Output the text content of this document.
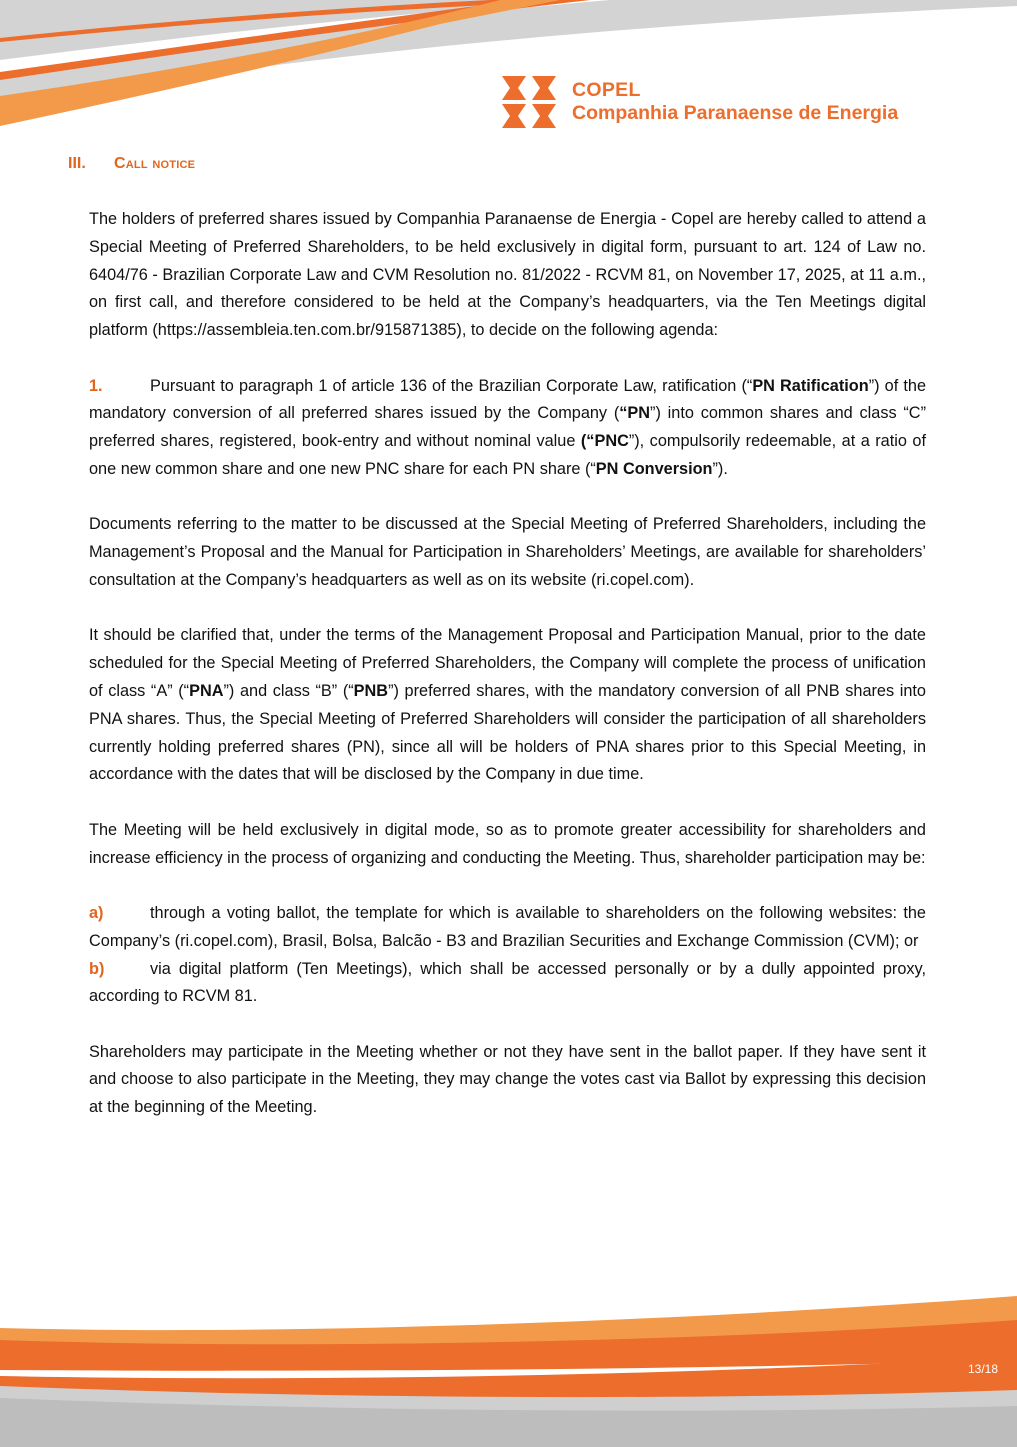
COPEL
Companhia Paranaense de Energia
III. Call notice

The holders of preferred shares issued by Companhia Paranaense de Energia - Copel are hereby called to attend a Special Meeting of Preferred Shareholders, to be held exclusively in digital form, pursuant to art. 124 of Law no. 6404/76 - Brazilian Corporate Law and CVM Resolution no. 81/2022 - RCVM 81, on November 17, 2025, at 11 a.m., on first call, and therefore considered to be held at the Company’s headquarters, via the Ten Meetings digital platform (https://assembleia.ten.com.br/915871385), to decide on the following agenda:

1.	Pursuant to paragraph 1 of article 136 of the Brazilian Corporate Law, ratification (“PN Ratification”) of the mandatory conversion of all preferred shares issued by the Company (“PN”) into common shares and class “C” preferred shares, registered, book-entry and without nominal value (“PNC”), compulsorily redeemable, at a ratio of one new common share and one new PNC share for each PN share (“PN Conversion”).

Documents referring to the matter to be discussed at the Special Meeting of Preferred Shareholders, including the Management’s Proposal and the Manual for Participation in Shareholders’ Meetings, are available for shareholders’ consultation at the Company’s headquarters as well as on its website (ri.copel.com).

It should be clarified that, under the terms of the Management Proposal and Participation Manual, prior to the date scheduled for the Special Meeting of Preferred Shareholders, the Company will complete the process of unification of class “A” (“PNA”) and class “B” (“PNB”) preferred shares, with the mandatory conversion of all PNB shares into PNA shares. Thus, the Special Meeting of Preferred Shareholders will consider the participation of all shareholders currently holding preferred shares (PN), since all will be holders of PNA shares prior to this Special Meeting, in accordance with the dates that will be disclosed by the Company in due time.

The Meeting will be held exclusively in digital mode, so as to promote greater accessibility for shareholders and increase efficiency in the process of organizing and conducting the Meeting. Thus, shareholder participation may be:

a)	through a voting ballot, the template for which is available to shareholders on the following websites: the Company’s (ri.copel.com), Brasil, Bolsa, Balcão - B3 and Brazilian Securities and Exchange Commission (CVM); or

b)	via digital platform (Ten Meetings), which shall be accessed personally or by a dully appointed proxy, according to RCVM 81.

Shareholders may participate in the Meeting whether or not they have sent in the ballot paper. If they have sent it and choose to also participate in the Meeting, they may change the votes cast via Ballot by expressing this decision at the beginning of the Meeting.

13/18
